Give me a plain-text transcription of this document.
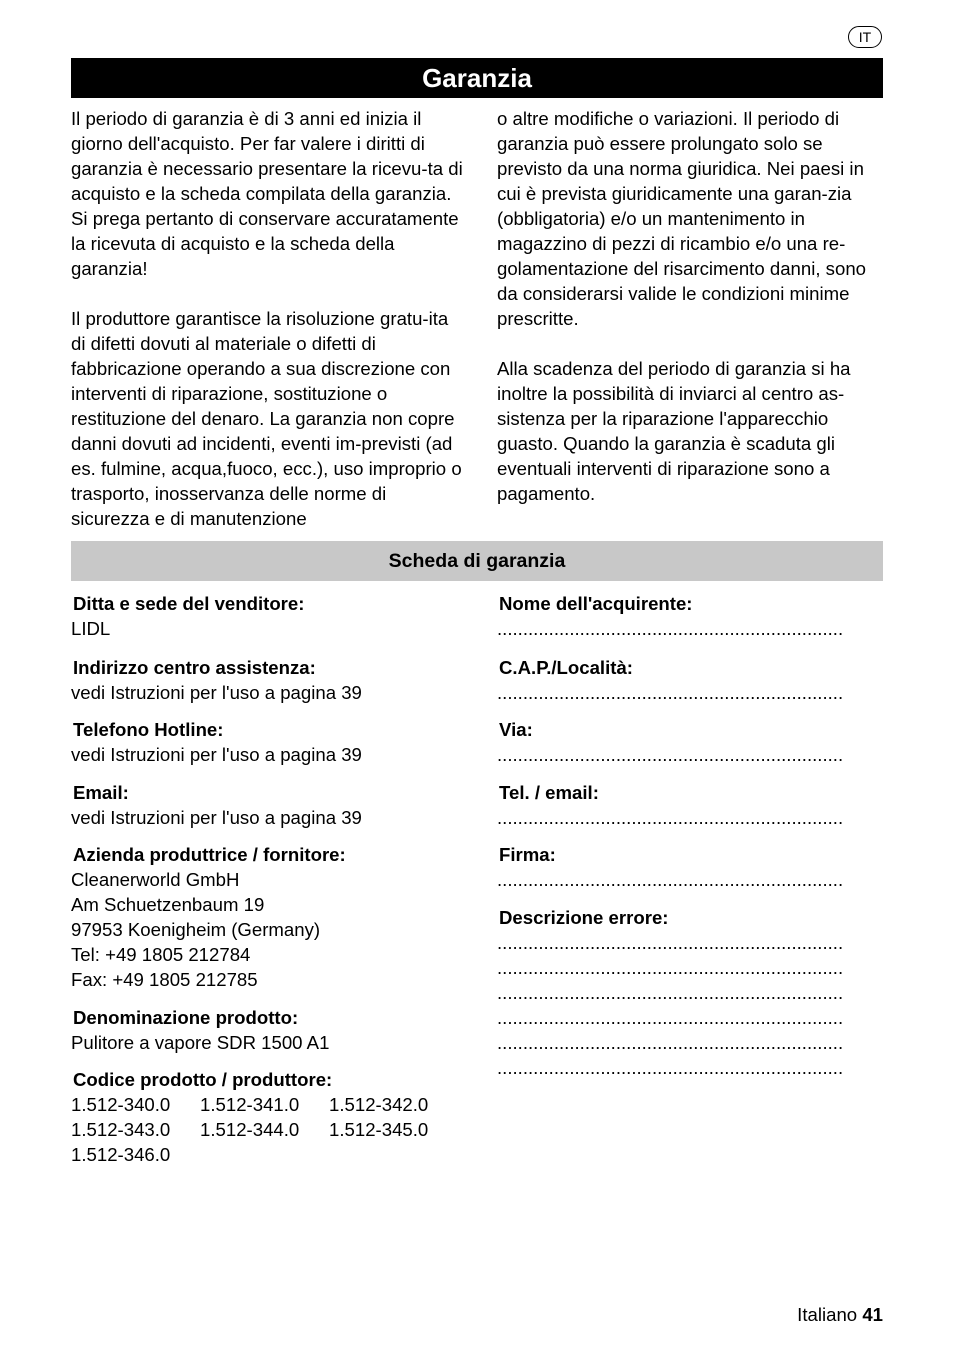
IT
Garanzia

Il periodo di garanzia è di 3 anni ed inizia il giorno dell'acquisto. Per far valere i diritti di garanzia è necessario presentare la ricevu-ta di acquisto e la scheda compilata della garanzia. Si prega pertanto di conservare accuratamente la ricevuta di acquisto e la scheda della garanzia!

Il produttore garantisce la risoluzione gratu-ita di difetti dovuti al materiale o difetti di fabbricazione operando a sua discrezione con interventi di riparazione, sostituzione o restituzione del denaro. La garanzia non copre danni dovuti ad incidenti, eventi im-previsti (ad es. fulmine, acqua,fuoco, ecc.), uso improprio o trasporto, inosservanza delle norme di sicurezza e di manutenzione

o altre modifiche o variazioni. Il periodo di garanzia può essere prolungato solo se previsto da una norma giuridica. Nei paesi in cui è prevista giuridicamente una garan-zia (obbligatoria) e/o un mantenimento in magazzino di pezzi di ricambio e/o una re-golamentazione del risarcimento danni, sono da considerarsi valide le condizioni minime prescritte.

Alla scadenza del periodo di garanzia si ha inoltre la possibilità di inviarci al centro as-sistenza per la riparazione l'apparecchio guasto. Quando la garanzia è scaduta gli eventuali interventi di riparazione sono a pagamento.

Scheda di garanzia
Ditta e sede del venditore:
LIDL
Indirizzo centro assistenza:
vedi Istruzioni per l'uso a pagina 39
Telefono Hotline:
vedi Istruzioni per l'uso a pagina 39
Email:
vedi Istruzioni per l'uso a pagina 39
Azienda produttrice / fornitore:
Cleanerworld GmbH
Am Schuetzenbaum 19
97953 Koenigheim (Germany)
Tel: +49 1805 212784
Fax: +49 1805 212785
Denominazione prodotto:
Pulitore a vapore SDR 1500 A1
Codice prodotto / produttore:
1.512-340.0	1.512-341.0	1.512-342.0
1.512-343.0	1.512-344.0	1.512-345.0
1.512-346.0
Nome dell'acquirente:
...................................................................
C.A.P./Località:
...................................................................
Via:
...................................................................
Tel. / email:
...................................................................
Firma:
...................................................................
Descrizione errore:
...................................................................
...................................................................
...................................................................
...................................................................
...................................................................
...................................................................
Italiano 41
